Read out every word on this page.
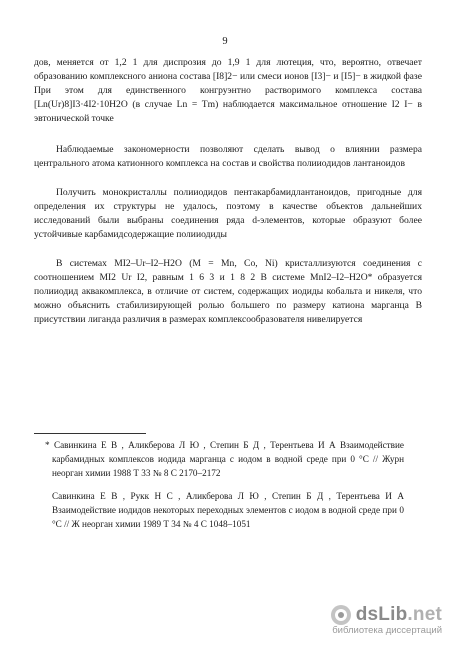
9

дов, меняется от 1,2 1 для диспрозия до 1,9 1 для лютеция, что, вероятно, отвечает образованию комплексного аниона состава [I8]2− или смеси ионов [I3]− и [I5]− в жидкой фазе При этом для единственного конгруэнтно растворимого комплекса состава [Ln(Ur)8]I3·4I2·10H2O (в случае Ln = Tm) наблюдается максимальное отношение I2 I− в эвтонической точке

Наблюдаемые закономерности позволяют сделать вывод о влиянии размера центрального атома катионного комплекса на состав и свойства полииодидов лантаноидов

Получить монокристаллы полииодидов пентакарбамидлантаноидов, пригодные для определения их структуры не удалось, поэтому в качестве объектов дальнейших исследований были выбраны соединения ряда d-элементов, которые образуют более устойчивые карбамидсодержащие полииодиды

В системах MI2–Ur–I2–H2O (M = Mn, Co, Ni) кристаллизуются соединения с соотношением MI2 Ur I2, равным 1 6 3 и 1 8 2 В системе MnI2–I2–H2O* образуется полииодид аквакомплекса, в отличие от систем, содержащих иодиды кобальта и никеля, что можно объяснить стабилизирующей ролью большего по размеру катиона марганца В присутствии лиганда различия в размерах комплексообразователя нивелируется

* Савинкина Е В , Аликберова Л Ю , Степин Б Д , Терентьева И А Взаимодействие карбамидных комплексов иодида марганца с иодом в водной среде при 0 °С // Журн неорган химии 1988 Т 33 № 8 С 2170–2172

Савинкина Е В , Рукк Н С , Аликберова Л Ю , Степин Б Д , Терентьева И А Взаимодействие иодидов некоторых переходных элементов с иодом в водной среде при 0 °С // Ж неорган химии 1989 Т 34 № 4 С 1048–1051

dsLib.net
библиотека диссертаций
